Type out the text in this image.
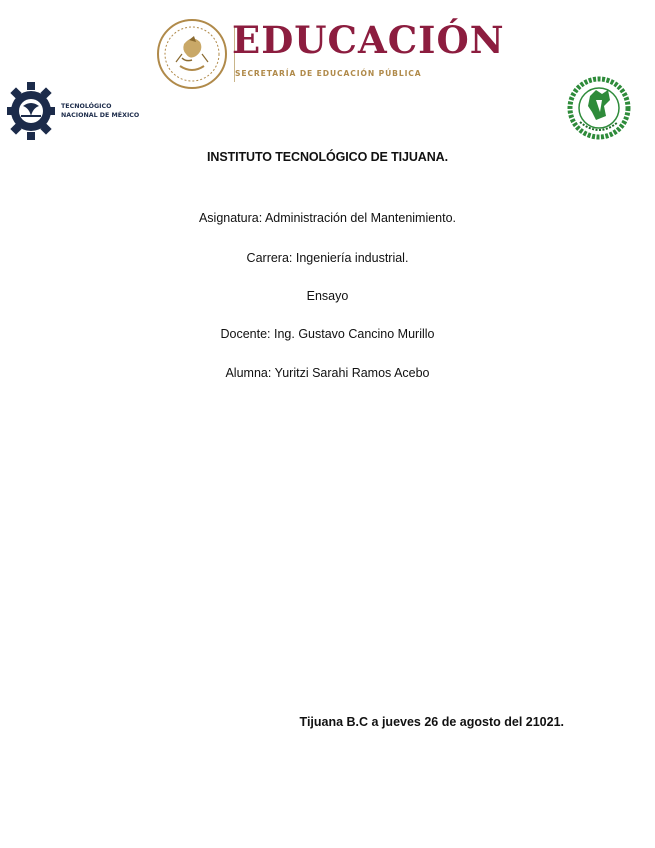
EDUCACIÓN
SECRETARÍA DE EDUCACIÓN PÚBLICA
TECNOLÓGICO
NACIONAL DE MÉXICO
INSTITUTO TECNOLÓGICO DE TIJUANA.
Asignatura: Administración del Mantenimiento.
Carrera: Ingeniería industrial.
Ensayo
Docente: Ing. Gustavo Cancino Murillo
Alumna: Yuritzi Sarahi Ramos Acebo
Tijuana B.C a jueves 26 de agosto del 21021.
